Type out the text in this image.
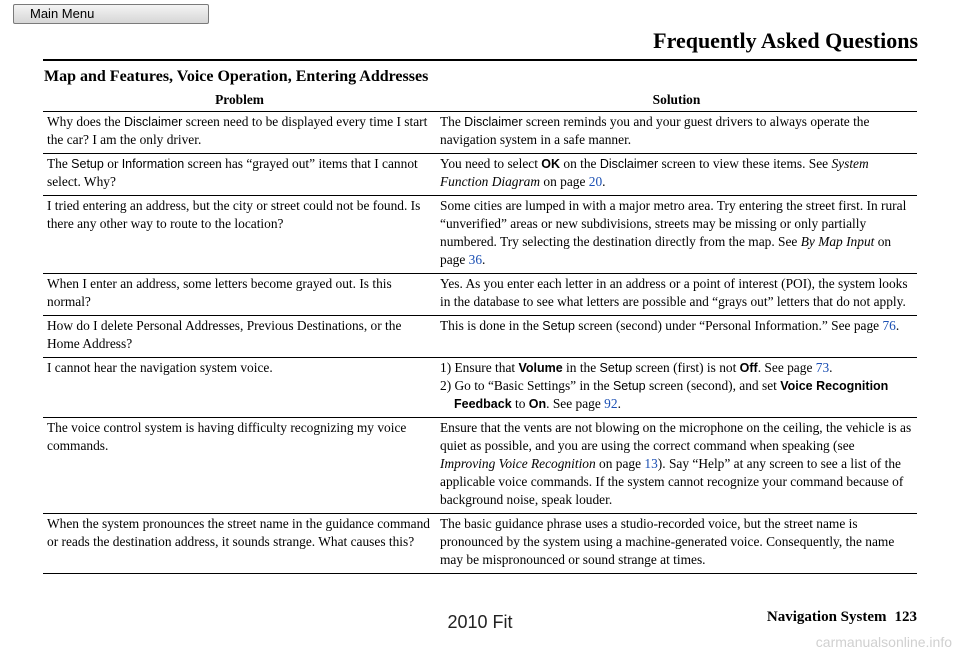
Main Menu
Frequently Asked Questions
Map and Features, Voice Operation, Entering Addresses
Problem	Solution
Why does the Disclaimer screen need to be displayed every time I start the car? I am the only driver.	The Disclaimer screen reminds you and your guest drivers to always operate the navigation system in a safe manner.
The Setup or Information screen has “grayed out” items that I cannot select. Why?	You need to select OK on the Disclaimer screen to view these items. See System Function Diagram on page 20.
I tried entering an address, but the city or street could not be found. Is there any other way to route to the location?	Some cities are lumped in with a major metro area. Try entering the street first. In rural “unverified” areas or new subdivisions, streets may be missing or only partially numbered. Try selecting the destination directly from the map. See By Map Input on page 36.
When I enter an address, some letters become grayed out. Is this normal?	Yes. As you enter each letter in an address or a point of interest (POI), the system looks in the database to see what letters are possible and “grays out” letters that do not apply.
How do I delete Personal Addresses, Previous Destinations, or the Home Address?	This is done in the Setup screen (second) under “Personal Information.” See page 76.
I cannot hear the navigation system voice.	1) Ensure that Volume in the Setup screen (first) is not Off. See page 73.
2) Go to “Basic Settings” in the Setup screen (second), and set Voice Recognition Feedback to On. See page 92.

The voice control system is having difficulty recognizing my voice commands.	Ensure that the vents are not blowing on the microphone on the ceiling, the vehicle is as quiet as possible, and you are using the correct command when speaking (see Improving Voice Recognition on page 13). Say “Help” at any screen to see a list of the applicable voice commands. If the system cannot recognize your command because of background noise, speak louder.
When the system pronounces the street name in the guidance command or reads the destination address, it sounds strange. What causes this?	The basic guidance phrase uses a studio-recorded voice, but the street name is pronounced by the system using a machine-generated voice. Consequently, the name may be mispronounced or sound strange at times.
Navigation System 123
2010 Fit
carmanualsonline.info
